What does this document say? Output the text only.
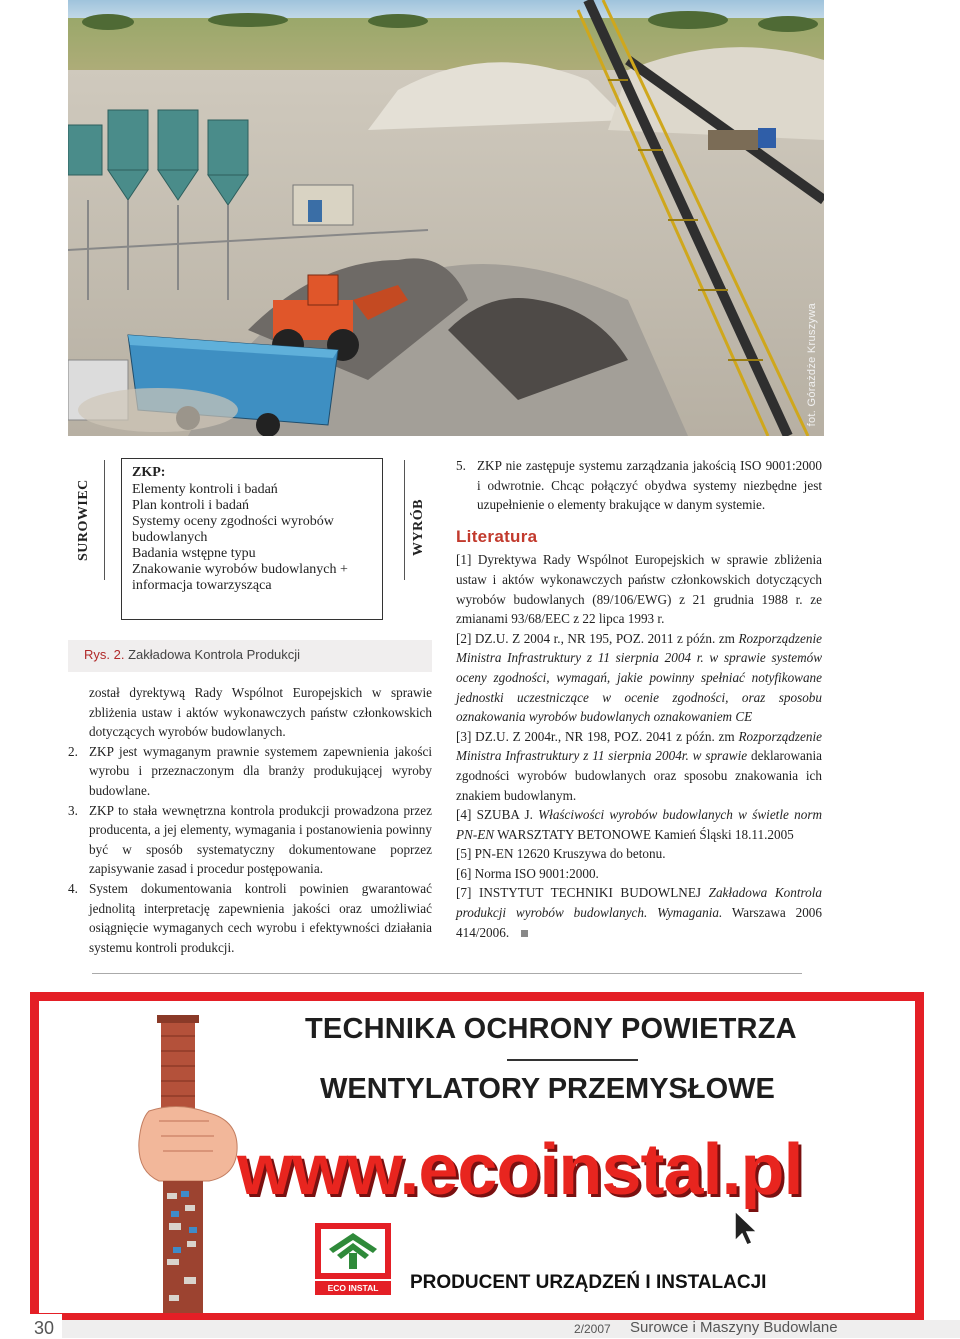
fot. Górażdże Kruszywa
SUROWIEC
ZKP:
Elementy kontroli i badań
Plan kontroli i badań
Systemy oceny zgodności wyrobów
budowlanych
Badania wstępne typu
Znakowanie wyrobów budowlanych +
informacja towarzysząca
WYRÓB
Rys. 2. Zakładowa Kontrola Produkcji

został dyrektywą Rady Wspólnot Europejskich w sprawie zbliżenia ustaw i aktów wykonawczych państw członkowskich dotyczących wyrobów budowlanych.

2. ZKP jest wymaganym prawnie systemem zapewnienia jakości wyrobu i przeznaczonym dla branży produkującej wyroby budowlane.
3. ZKP to stała wewnętrzna kontrola produkcji prowadzona przez producenta, a jej elementy, wymagania i postanowienia powinny być w sposób systematyczny dokumentowane poprzez zapisywanie zasad i procedur postępowania.
4. System dokumentowania kontroli powinien gwarantować jednolitą interpretację zapewnienia jakości oraz umożliwiać osiągnięcie wymaganych cech wyrobu i efektywności działania systemu kontroli produkcji.
5. ZKP nie zastępuje systemu zarządzania jakością ISO 9001:2000 i odwrotnie. Chcąc połączyć obydwa systemy niezbędne jest uzupełnienie o elementy brakujące w danym systemie.
Literatura

[1] Dyrektywa Rady Wspólnot Europejskich w sprawie zbliżenia ustaw i aktów wykonawczych państw członkowskich dotyczących wyrobów budowlanych (89/106/EWG) z 21 grudnia 1988 r. ze zmianami 93/68/EEC z 22 lipca 1993 r.

[2] DZ.U. Z 2004 r., NR 195, POZ. 2011 z późn. zm Rozporządzenie Ministra Infrastruktury z 11 sierpnia 2004 r. w sprawie systemów oceny zgodności, wymagań, jakie powinny spełniać notyfikowane jednostki uczestniczące w ocenie zgodności, oraz sposobu oznakowania wyrobów budowlanych oznakowaniem CE

[3] DZ.U. Z 2004r., NR 198, POZ. 2041 z późn. zm Rozporządzenie Ministra Infrastruktury z 11 sierpnia 2004r. w sprawie deklarowania zgodności wyrobów budowlanych oraz sposobu znakowania ich znakiem budowlanym.

[4] SZUBA J. Właściwości wyrobów budowlanych w świetle norm PN-EN WARSZTATY BETONOWE Kamień Śląski 18.11.2005

[5] PN-EN 12620 Kruszywa do betonu.

[6] Norma ISO 9001:2000.

[7] INSTYTUT TECHNIKI BUDOWLNEJ Zakładowa Kontrola produkcji wyrobów budowlanych. Wymagania. Warszawa 2006 414/2006.

TECHNIKA OCHRONY POWIETRZA
WENTYLATORY PRZEMYSŁOWE
www.ecoinstal.pl
ECO INSTAL	PRODUCENT URZĄDZEŃ I INSTALACJI
30	2/2007 Surowce i Maszyny Budowlane
